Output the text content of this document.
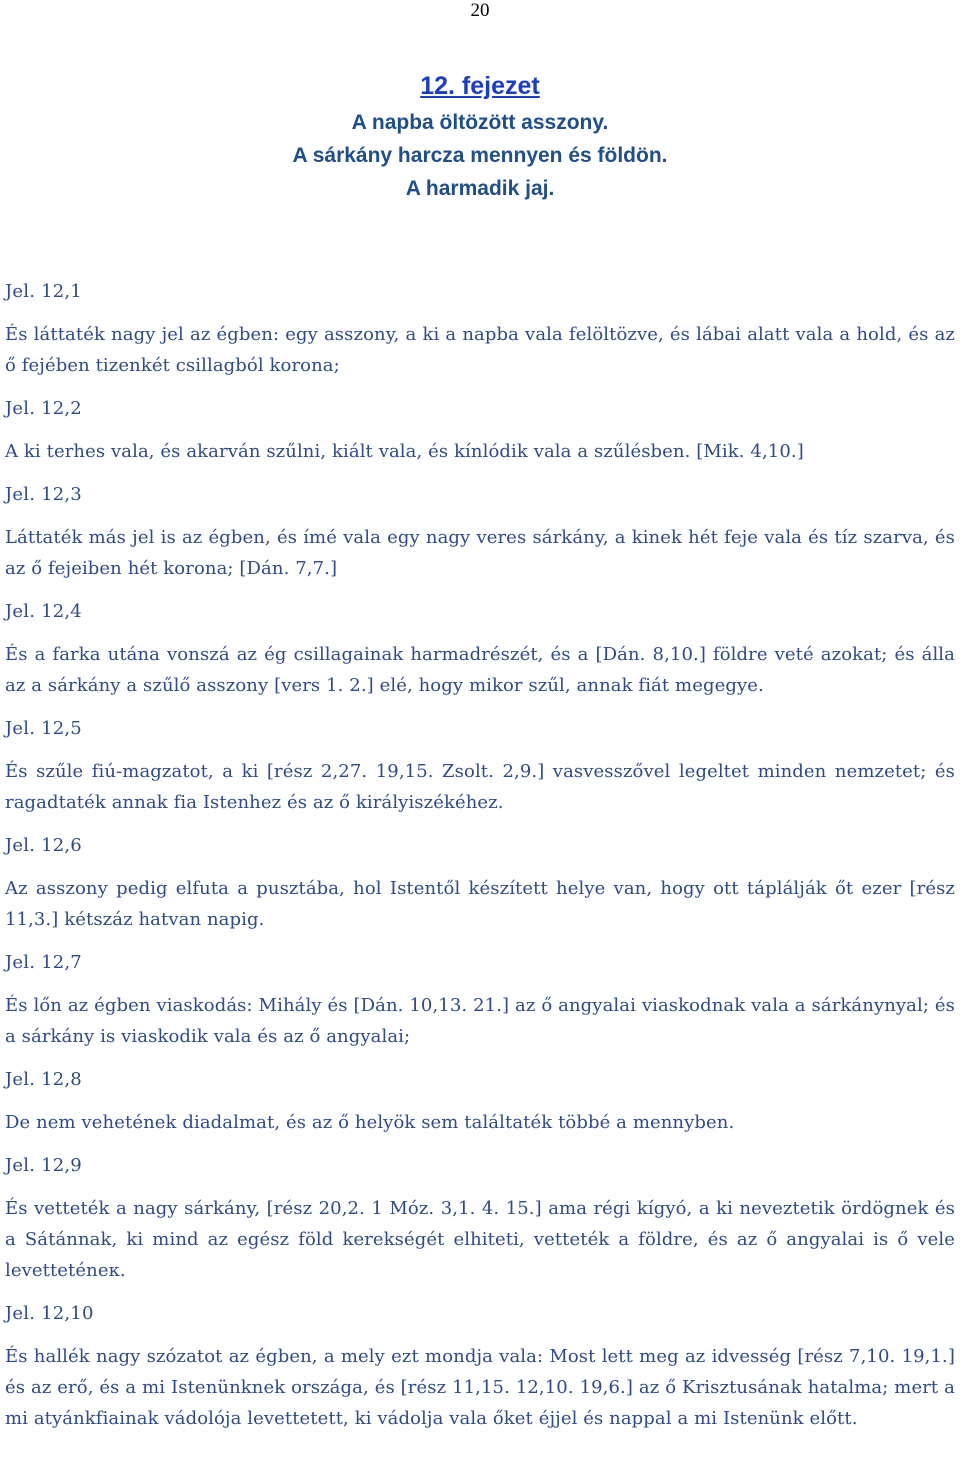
20
12. fejezet
A napba öltözött asszony.
A sárkány harcza mennyen és földön.
A harmadik jaj.

Jel. 12,1

És láttaték nagy jel az égben: egy asszony, a ki a napba vala felöltözve, és lábai alatt vala a hold, és az ő fejében tizenkét csillagból korona;

Jel. 12,2

A ki terhes vala, és akarván szűlni, kiált vala, és kínlódik vala a szűlésben. [Mik. 4,10.]

Jel. 12,3

Láttaték más jel is az égben, és ímé vala egy nagy veres sárkány, a kinek hét feje vala és tíz szarva, és az ő fejeiben hét korona; [Dán. 7,7.]

Jel. 12,4

És a farka utána vonszá az ég csillagainak harmadrészét, és a [Dán. 8,10.] földre veté azokat; és álla az a sárkány a szűlő asszony [vers 1. 2.] elé, hogy mikor szűl, annak fiát megegye.

Jel. 12,5

És szűle fiú-magzatot, a ki [rész 2,27. 19,15. Zsolt. 2,9.] vasvesszővel legeltet minden nemzetet; és ragadtaték annak fia Istenhez és az ő királyiszékéhez.

Jel. 12,6

Az asszony pedig elfuta a pusztába, hol Istentől készített helye van, hogy ott táplálják őt ezer [rész 11,3.] kétszáz hatvan napig.

Jel. 12,7

És lőn az égben viaskodás: Mihály és [Dán. 10,13. 21.] az ő angyalai viaskodnak vala a sárkánynyal; és a sárkány is viaskodik vala és az ő angyalai;

Jel. 12,8

De nem vehetének diadalmat, és az ő helyök sem találtaték többé a mennyben.

Jel. 12,9

És vetteték a nagy sárkány, [rész 20,2. 1 Móz. 3,1. 4. 15.] ama régi kígyó, a ki neveztetik ördögnek és a Sátánnak, ki mind az egész föld kerekségét elhiteti, vetteték a földre, és az ő angyalai is ő vele levetteténeк.

Jel. 12,10

És hallék nagy szózatot az égben, a mely ezt mondja vala: Most lett meg az idvesség [rész 7,10. 19,1.] és az erő, és a mi Istenünknek országa, és [rész 11,15. 12,10. 19,6.] az ő Krisztusának hatalma; mert a mi atyánkfiainak vádolója levettetett, ki vádolja vala őket éjjel és nappal a mi Istenünk előtt.
